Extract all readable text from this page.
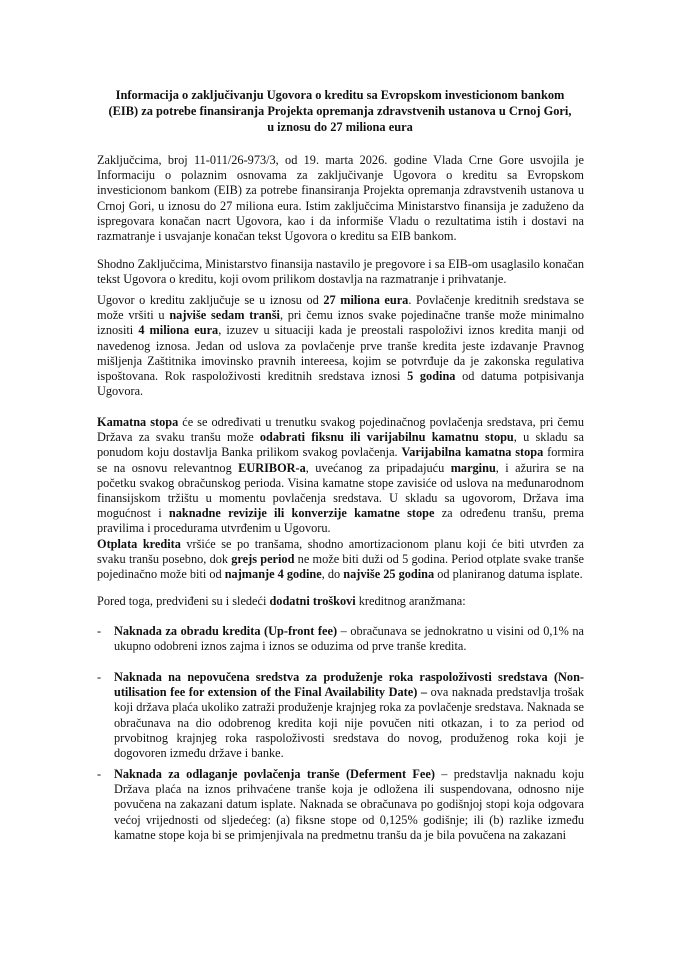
Informacija o zaključivanju Ugovora o kreditu sa Evropskom investicionom bankom
(EIB) za potrebe finansiranja Projekta opremanja zdravstvenih ustanova u Crnoj Gori,
u iznosu do 27 miliona eura

Zaključcima, broj 11-011/26-973/3, od 19. marta 2026. godine Vlada Crne Gore usvojila je Informaciju o polaznim osnovama za zaključivanje Ugovora o kreditu sa Evropskom investicionom bankom (EIB) za potrebe finansiranja Projekta opremanja zdravstvenih ustanova u Crnoj Gori, u iznosu do 27 miliona eura. Istim zaključcima Ministarstvo finansija je zaduženo da ispregovara konačan nacrt Ugovora, kao i da informiše Vladu o rezultatima istih i dostavi na razmatranje i usvajanje konačan tekst Ugovora o kreditu sa EIB bankom.

Shodno Zaključcima, Ministarstvo finansija nastavilo je pregovore i sa EIB-om usaglasilo konačan tekst Ugovora o kreditu, koji ovom prilikom dostavlja na razmatranje i prihvatanje.

Ugovor o kreditu zaključuje se u iznosu od 27 miliona eura. Povlačenje kreditnih sredstava se može vršiti u najviše sedam tranši, pri čemu iznos svake pojedinačne tranše može minimalno iznositi 4 miliona eura, izuzev u situaciji kada je preostali raspoloživi iznos kredita manji od navedenog iznosa. Jedan od uslova za povlačenje prve tranše kredita jeste izdavanje Pravnog mišljenja Zaštitnika imovinsko pravnih intereesa, kojim se potvrđuje da je zakonska regulativa ispoštovana. Rok raspoloživosti kreditnih sredstava iznosi 5 godina od datuma potpisivanja Ugovora.

Kamatna stopa će se određivati u trenutku svakog pojedinačnog povlačenja sredstava, pri čemu Država za svaku tranšu može odabrati fiksnu ili varijabilnu kamatnu stopu, u skladu sa ponudom koju dostavlja Banka prilikom svakog povlačenja. Varijabilna kamatna stopa formira se na osnovu relevantnog EURIBOR-a, uvećanog za pripadajuću marginu, i ažurira se na početku svakog obračunskog perioda. Visina kamatne stope zavisiće od uslova na međunarodnom finansijskom tržištu u momentu povlačenja sredstava. U skladu sa ugovorom, Država ima mogućnost i naknadne revizije ili konverzije kamatne stope za određenu tranšu, prema pravilima i procedurama utvrđenim u Ugovoru.

Otplata kredita vršiće se po tranšama, shodno amortizacionom planu koji će biti utvrđen za svaku tranšu posebno, dok grejs period ne može biti duži od 5 godina. Period otplate svake tranše pojedinačno može biti od najmanje 4 godine, do najviše 25 godina od planiranog datuma isplate.

Pored toga, predviđeni su i sledeći dodatni troškovi kreditnog aranžmana:

- Naknada za obradu kredita (Up-front fee) – obračunava se jednokratno u visini od 0,1% na ukupno odobreni iznos zajma i iznos se oduzima od prve tranše kredita.
- Naknada na nepovučena sredstva za produženje roka raspoloživosti sredstava (Non-utilisation fee for extension of the Final Availability Date) – ova naknada predstavlja trošak koji država plaća ukoliko zatraži produženje krajnjeg roka za povlačenje sredstava. Naknada se obračunava na dio odobrenog kredita koji nije povučen niti otkazan, i to za period od prvobitnog krajnjeg roka raspoloživosti sredstava do novog, produženog roka koji je dogovoren između države i banke.
- Naknada za odlaganje povlačenja tranše (Deferment Fee) – predstavlja naknadu koju Država plaća na iznos prihvaćene tranše koja je odložena ili suspendovana, odnosno nije povučena na zakazani datum isplate. Naknada se obračunava po godišnjoj stopi koja odgovara većoj vrijednosti od sljedećeg: (a) fiksne stope od 0,125% godišnje; ili (b) razlike između kamatne stope koja bi se primjenjivala na predmetnu tranšu da je bila povučena na zakazani
